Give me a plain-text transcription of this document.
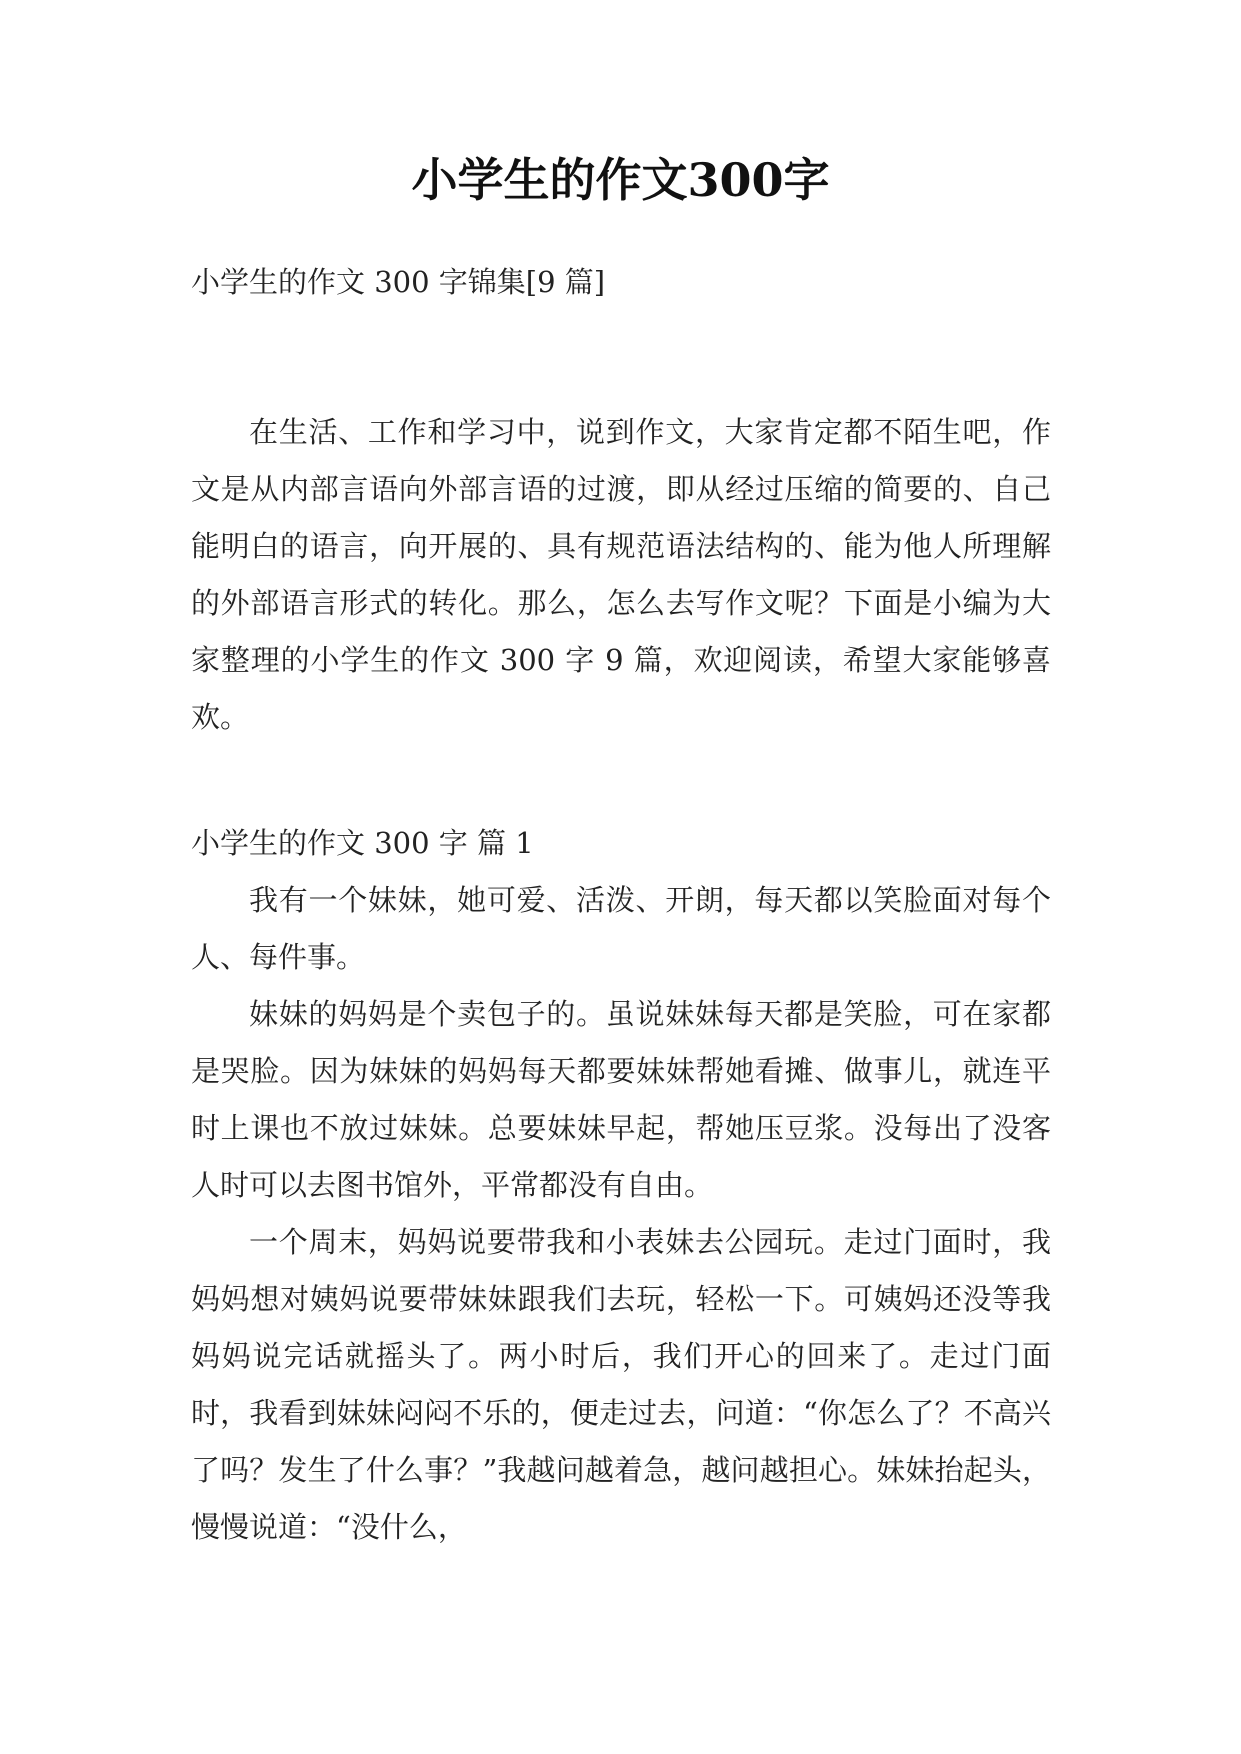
小学生的作文300字

小学生的作文 300 字锦集[9 篇]

在生活、工作和学习中，说到作文，大家肯定都不陌生吧，作文是从内部言语向外部言语的过渡，即从经过压缩的简要的、自己能明白的语言，向开展的、具有规范语法结构的、能为他人所理解的外部语言形式的转化。那么，怎么去写作文呢？下面是小编为大家整理的小学生的作文 300 字 9 篇，欢迎阅读，希望大家能够喜欢。

小学生的作文 300 字 篇 1

我有一个妹妹，她可爱、活泼、开朗，每天都以笑脸面对每个人、每件事。

妹妹的妈妈是个卖包子的。虽说妹妹每天都是笑脸，可在家都是哭脸。因为妹妹的妈妈每天都要妹妹帮她看摊、做事儿，就连平时上课也不放过妹妹。总要妹妹早起，帮她压豆浆。没每出了没客人时可以去图书馆外，平常都没有自由。

一个周末，妈妈说要带我和小表妹去公园玩。走过门面时，我妈妈想对姨妈说要带妹妹跟我们去玩，轻松一下。可姨妈还没等我妈妈说完话就摇头了。两小时后，我们开心的回来了。走过门面时，我看到妹妹闷闷不乐的，便走过去，问道：“你怎么了？不高兴了吗？发生了什么事？”我越问越着急，越问越担心。妹妹抬起头，慢慢说道：“没什么，
